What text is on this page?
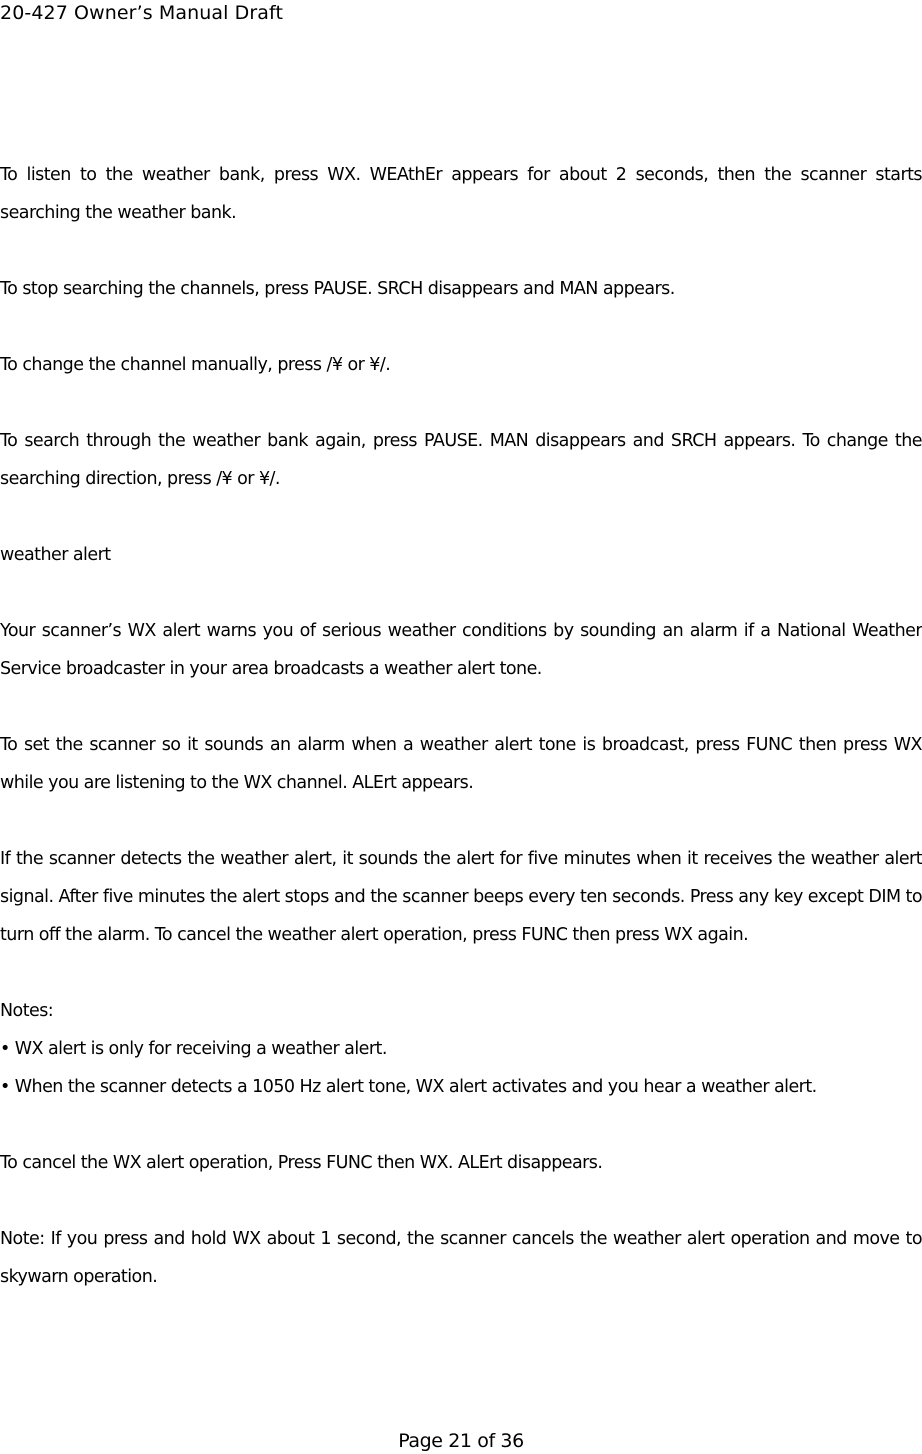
20-427 Owner’s Manual Draft

To listen to the weather bank, press WX. WEAthEr appears for about 2 seconds, then the scanner starts searching the weather bank.

To stop searching the channels, press PAUSE. SRCH disappears and MAN appears.

To change the channel manually, press /¥ or ¥/.

To search through the weather bank again, press PAUSE. MAN disappears and SRCH appears. To change the searching direction, press /¥ or ¥/.

weather alert

Your scanner’s WX alert warns you of serious weather conditions by sounding an alarm if a National Weather Service broadcaster in your area broadcasts a weather alert tone.

To set the scanner so it sounds an alarm when a weather alert tone is broadcast, press FUNC then press WX while you are listening to the WX channel. ALErt appears.

If the scanner detects the weather alert, it sounds the alert for five minutes when it receives the weather alert signal. After five minutes the alert stops and the scanner beeps every ten seconds. Press any key except DIM to turn off the alarm. To cancel the weather alert operation, press FUNC then press WX again.

Notes:

• WX alert is only for receiving a weather alert.

• When the scanner detects a 1050 Hz alert tone, WX alert activates and you hear a weather alert.

To cancel the WX alert operation, Press FUNC then WX. ALErt disappears.

Note: If you press and hold WX about 1 second, the scanner cancels the weather alert operation and move to skywarn operation.

Page 21 of 36
